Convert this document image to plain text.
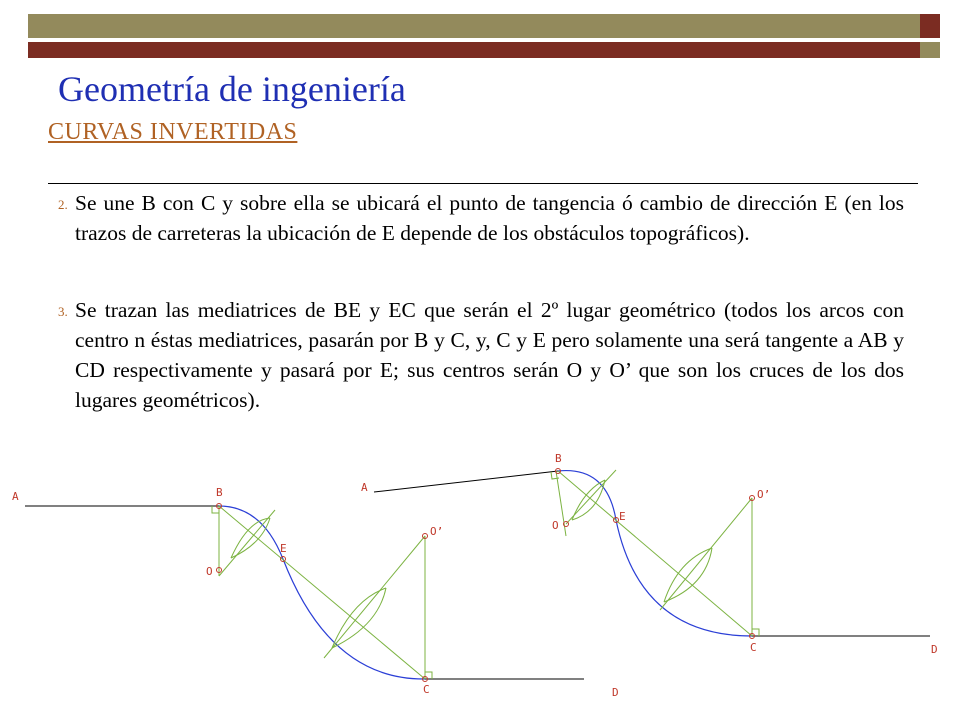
Geometría de ingeniería
CURVAS INVERTIDAS
2. Se une B con C y sobre ella se ubicará el punto de tangencia ó cambio de dirección E (en los trazos de carreteras la ubicación de E depende de los obstáculos topográficos).
3. Se trazan las mediatrices de BE y EC que serán el 2º lugar geométrico (todos los arcos con centro n éstas mediatrices, pasarán por B y C, y, C y E pero solamente una será tangente a AB y CD respectivamente y pasará por E; sus centros serán O y O’ que son los cruces de los dos lugares geométricos).
A	B
O
E
O’
C	D
A
B
O
E
O’
C	D
